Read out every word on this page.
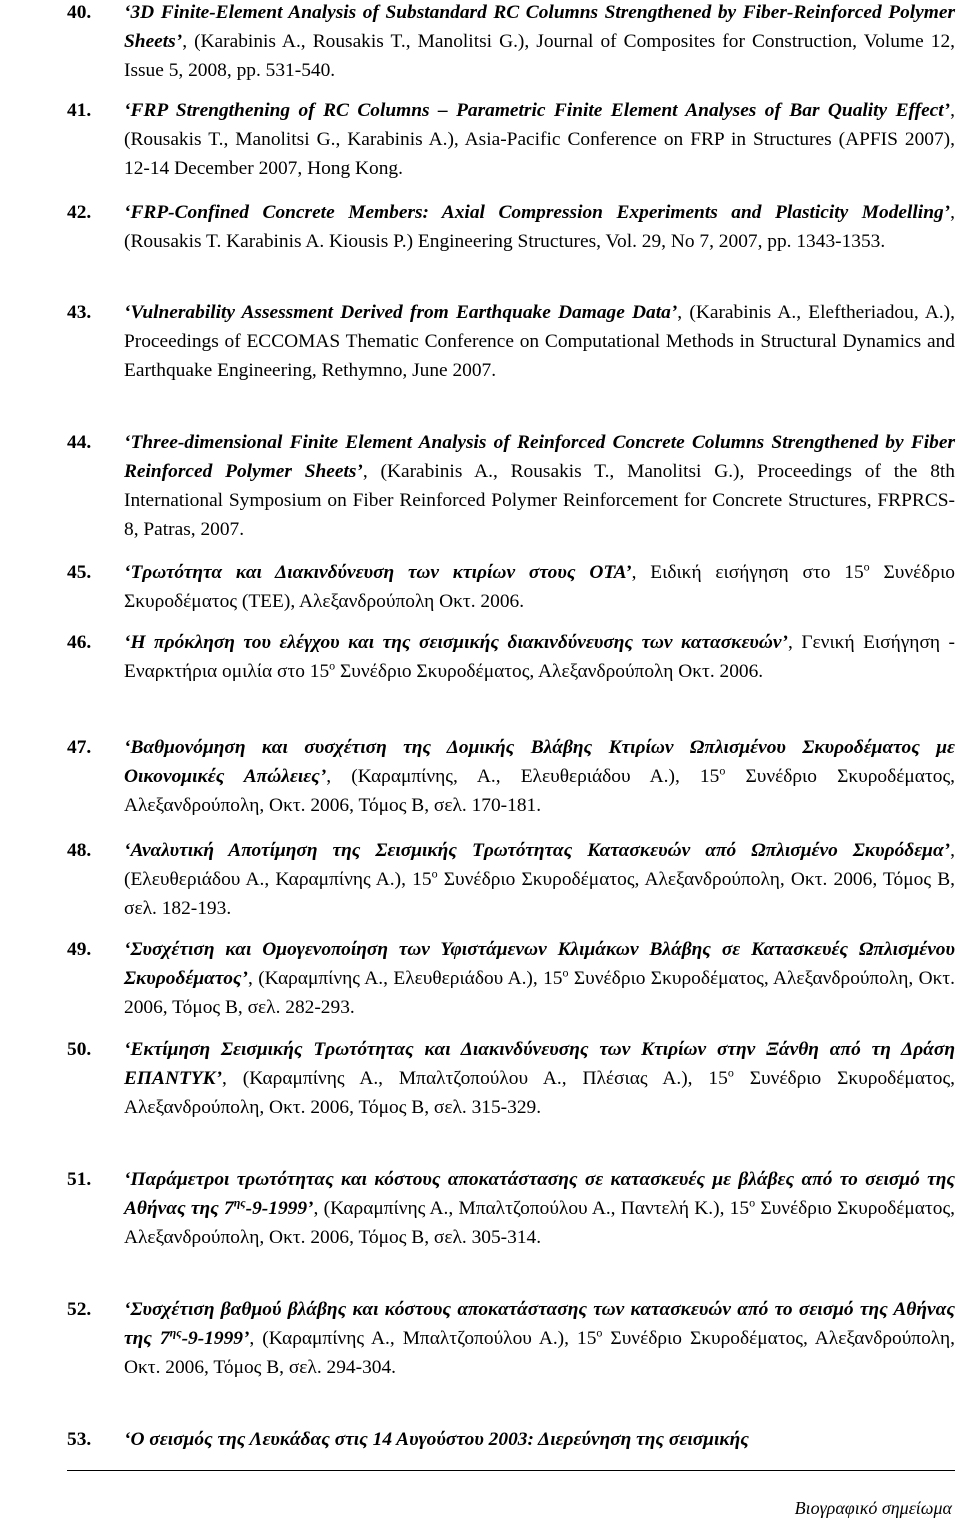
40. ‘3D Finite-Element Analysis of Substandard RC Columns Strengthened by Fiber-Reinforced Polymer Sheets’, (Karabinis A., Rousakis T., Manolitsi G.), Journal of Composites for Construction, Volume 12, Issue 5, 2008, pp. 531-540.
41. ‘FRP Strengthening of RC Columns – Parametric Finite Element Analyses of Bar Quality Effect’, (Rousakis T., Manolitsi G., Karabinis A.), Asia-Pacific Conference on FRP in Structures (APFIS 2007), 12-14 December 2007, Hong Kong.
42. ‘FRP-Confined Concrete Members: Axial Compression Experiments and Plasticity Modelling’, (Rousakis T. Karabinis A. Kiousis P.) Engineering Structures, Vol. 29, No 7, 2007, pp. 1343-1353.
43. ‘Vulnerability Assessment Derived from Earthquake Damage Data’, (Karabinis A., Eleftheriadou, A.), Proceedings of ECCOMAS Thematic Conference on Computational Methods in Structural Dynamics and Earthquake Engineering, Rethymno, June 2007.
44. ‘Three-dimensional Finite Element Analysis of Reinforced Concrete Columns Strengthened by Fiber Reinforced Polymer Sheets’, (Karabinis A., Rousakis T., Manolitsi G.), Proceedings of the 8th International Symposium on Fiber Reinforced Polymer Reinforcement for Concrete Structures, FRPRCS-8, Patras, 2007.
45. ‘Τρωτότητα και Διακινδύνευση των κτιρίων στους ΟΤΑ’, Ειδική εισήγηση στο $15^o$ Συνέδριο Σκυροδέματος (ΤΕΕ), Αλεξανδρούπολη Οκτ. 2006.
46. ‘Η πρόκληση του ελέγχου και της σεισμικής διακινδύνευσης των κατασκευών’, Γενική Εισήγηση - Εναρκτήρια ομιλία στο $15^o$ Συνέδριο Σκυροδέματος, Αλεξανδρούπολη Οκτ. 2006.
47. ‘Βαθμονόμηση και συσχέτιση της Δομικής Βλάβης Κτιρίων Ωπλισμένου Σκυροδέματος με Οικονομικές Απώλειες’, (Καραμπίνης, Α., Ελευθεριάδου Α.), $15^o$ Συνέδριο Σκυροδέματος, Αλεξανδρούπολη, Οκτ. 2006, Τόμος Β, σελ. 170-181.
48. ‘Αναλυτική Αποτίμηση της Σεισμικής Τρωτότητας Κατασκευών από Ωπλισμένο Σκυρόδεμα’, (Ελευθεριάδου Α., Καραμπίνης Α.), $15^o$ Συνέδριο Σκυροδέματος, Αλεξανδρούπολη, Οκτ. 2006, Τόμος Β, σελ. 182-193.
49. ‘Συσχέτιση και Ομογενοποίηση των Υφιστάμενων Κλιμάκων Βλάβης σε Κατασκευές Ωπλισμένου Σκυροδέματος’, (Καραμπίνης Α., Ελευθεριάδου Α.), $15^o$ Συνέδριο Σκυροδέματος, Αλεξανδρούπολη, Οκτ. 2006, Τόμος Β, σελ. 282-293.
50. ‘Εκτίμηση Σεισμικής Τρωτότητας και Διακινδύνευσης των Κτιρίων στην Ξάνθη από τη Δράση ΕΠΑΝΤΥΚ’, (Καραμπίνης Α., Μπαλτζοπούλου Α., Πλέσιας Α.), $15^o$ Συνέδριο Σκυροδέματος, Αλεξανδρούπολη, Οκτ. 2006, Τόμος Β, σελ. 315-329.
51. ‘Παράμετροι τρωτότητας και κόστους αποκατάστασης σε κατασκευές με βλάβες από το σεισμό της Αθήνας της $7^{\eta\varsigma}-9-1999$’, (Καραμπίνης Α., Μπαλτζοπούλου Α., Παντελή Κ.), $15^o$ Συνέδριο Σκυροδέματος, Αλεξανδρούπολη, Οκτ. 2006, Τόμος Β, σελ. 305-314.
52. ‘Συσχέτιση βαθμού βλάβης και κόστους αποκατάστασης των κατασκευών από το σεισμό της Αθήνας της $7^{\eta\varsigma}-9-1999$’, (Καραμπίνης Α., Μπαλτζοπούλου Α.), $15^o$ Συνέδριο Σκυροδέματος, Αλεξανδρούπολη, Οκτ. 2006, Τόμος Β, σελ. 294-304.
53. ‘Ο σεισμός της Λευκάδας στις 14 Αυγούστου 2003: Διερεύνηση της σεισμικής
Βιογραφικό σημείωμα
